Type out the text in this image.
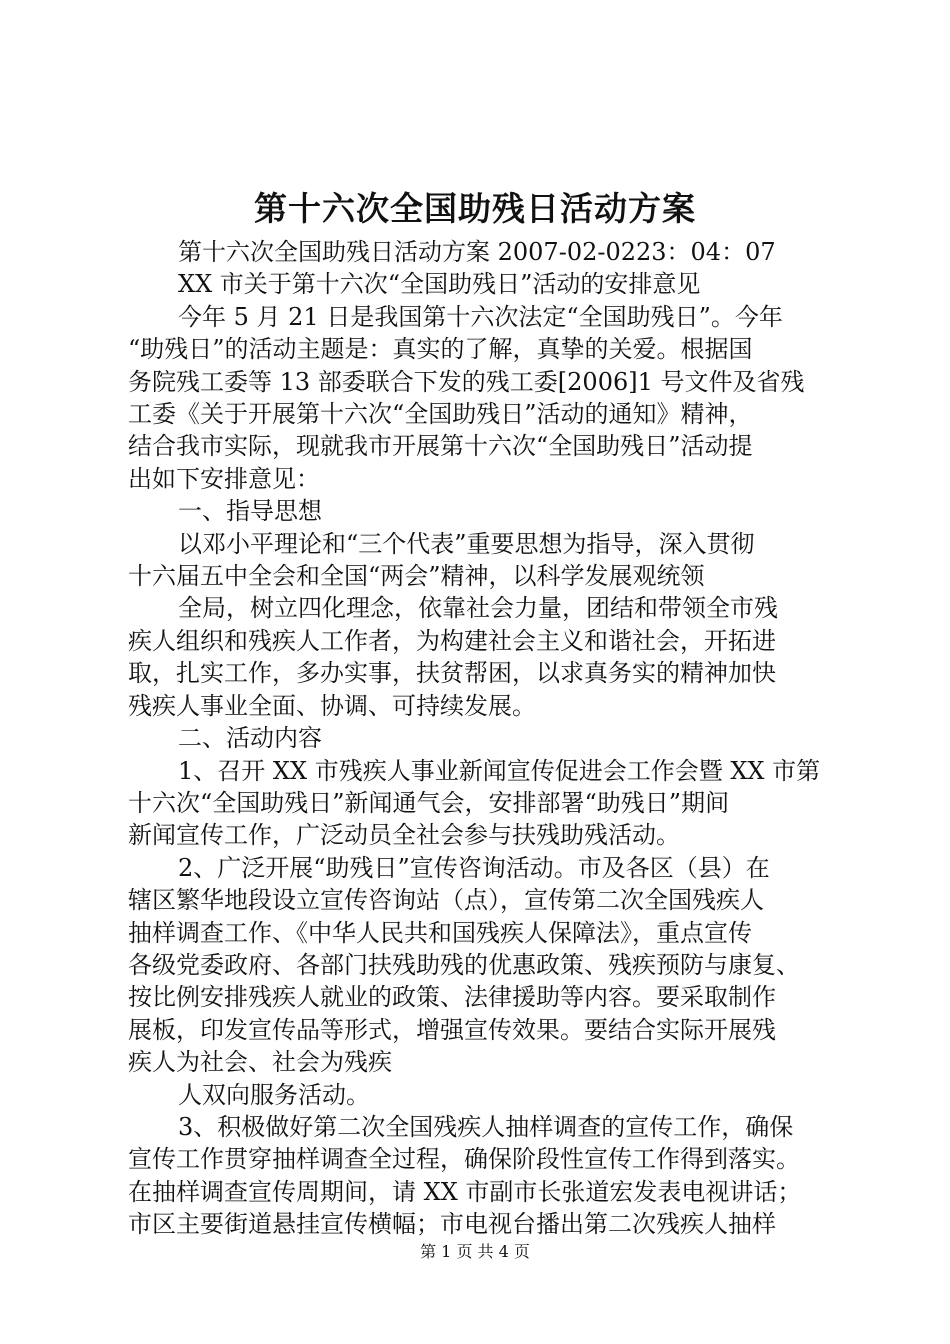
第十六次全国助残日活动方案

第十六次全国助残日活动方案 2007-02-0223：04：07

XX 市关于第十六次“全国助残日”活动的安排意见

今年 5 月 21 日是我国第十六次法定“全国助残日”。今年

“助残日”的活动主题是：真实的了解，真挚的关爱。根据国

务院残工委等 13 部委联合下发的残工委[2006]1 号文件及省残

工委《关于开展第十六次“全国助残日”活动的通知》精神，

结合我市实际，现就我市开展第十六次“全国助残日”活动提

出如下安排意见：

一、指导思想

以邓小平理论和“三个代表”重要思想为指导，深入贯彻

十六届五中全会和全国“两会”精神，以科学发展观统领

全局，树立四化理念，依靠社会力量，团结和带领全市残

疾人组织和残疾人工作者，为构建社会主义和谐社会，开拓进

取，扎实工作，多办实事，扶贫帮困，以求真务实的精神加快

残疾人事业全面、协调、可持续发展。

二、活动内容

1、召开 XX 市残疾人事业新闻宣传促进会工作会暨 XX 市第

十六次“全国助残日”新闻通气会，安排部署“助残日”期间

新闻宣传工作，广泛动员全社会参与扶残助残活动。

2、广泛开展“助残日”宣传咨询活动。市及各区（县）在

辖区繁华地段设立宣传咨询站（点），宣传第二次全国残疾人

抽样调查工作、《中华人民共和国残疾人保障法》，重点宣传

各级党委政府、各部门扶残助残的优惠政策、残疾预防与康复、

按比例安排残疾人就业的政策、法律援助等内容。要采取制作

展板，印发宣传品等形式，增强宣传效果。要结合实际开展残

疾人为社会、社会为残疾

人双向服务活动。

3、积极做好第二次全国残疾人抽样调查的宣传工作，确保

宣传工作贯穿抽样调查全过程，确保阶段性宣传工作得到落实。

在抽样调查宣传周期间，请 XX 市副市长张道宏发表电视讲话；

市区主要街道悬挂宣传横幅；市电视台播出第二次残疾人抽样

第 1 页 共 4 页
